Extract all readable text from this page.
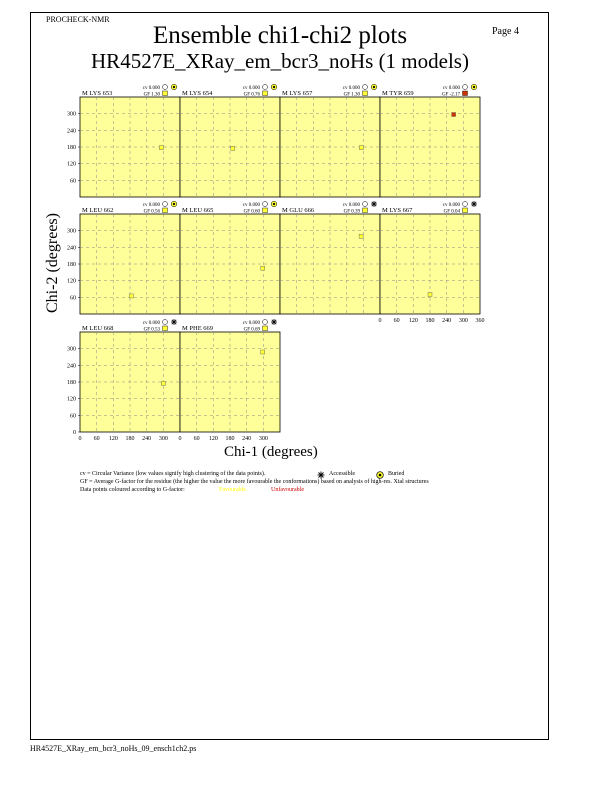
PROCHECK-NMR
Page 4
Ensemble chi1-chi2 plots
HR4527E_XRay_em_bcr3_noHs (1 models)
Chi-2 (degrees)
Chi-1 (degrees)
M LYS 653
cv 0.000
GF 1.30	M LYS 654
cv 0.000
GF 0.76	M LYS 657
cv 0.000
GF 1.30	M TYR 659
cv 0.000
GF -2.17
M LEU 662
cv 0.000
GF 0.56	M LEU 665
cv 0.000
GF 0.60	M GLU 666
cv 0.000
GF 0.39	M LYS 667
cv 0.000
GF 0.04
M LEU 668
cv 0.000
GF 0.53	M PHE 669
cv 0.000
GF 0.69
60
120
180
240
300
60
120
180
240
300
0
60
120
180
240
300
0 60 120 180 240 300 0 60 120 180 240 300
0 60 120 180 240 300 360
cv = Circular Variance (low values signify high clustering of the data points).	Accessible	Buried
GF = Average G-factor for the residue (the higher the value the more favourable the conformations) based on analysis of high-res. Xtal structures
Data points coloured according to G-factor:	Favourable	Unfavourable
HR4527E_XRay_em_bcr3_noHs_09_ensch1ch2.ps
